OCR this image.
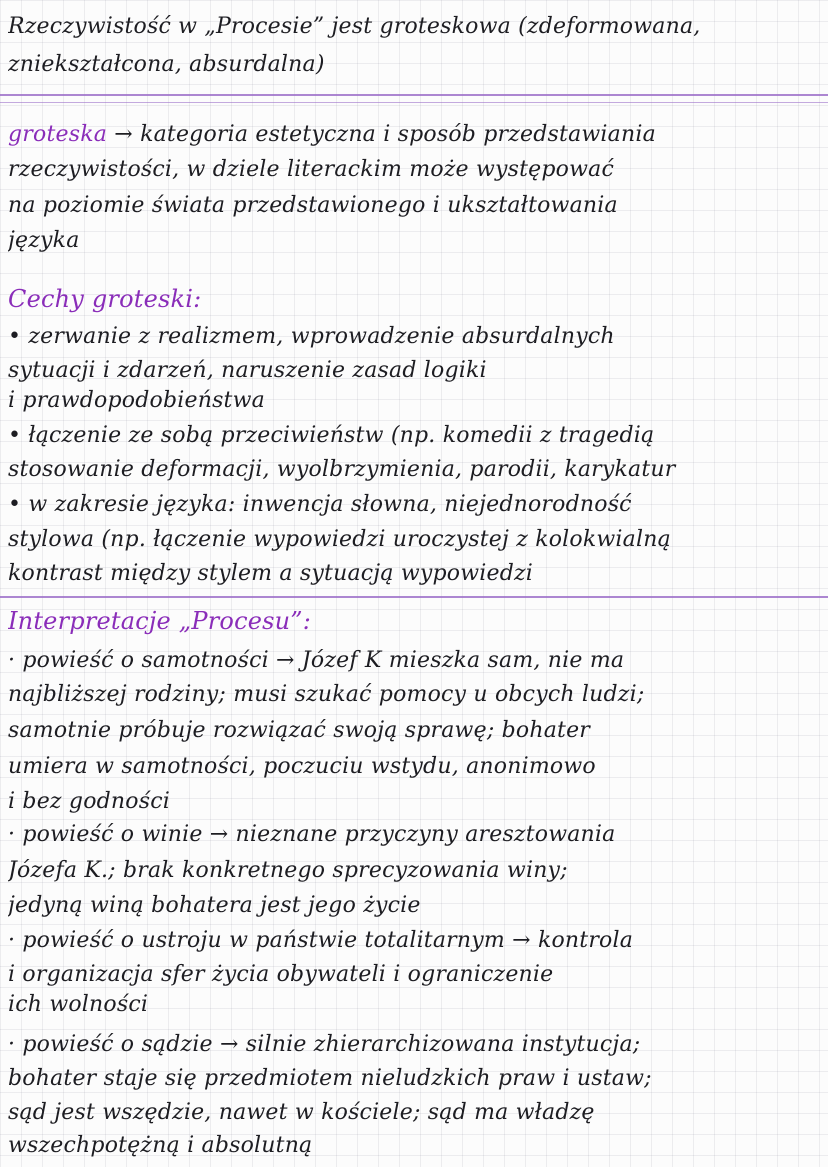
Rzeczywistość w „Procesie” jest groteskowa (zdeformowana,
zniekształcona, absurdalna)
groteska → kategoria estetyczna i sposób przedstawiania
rzeczywistości, w dziele literackim może występować
na poziomie świata przedstawionego i ukształtowania
języka
Cechy groteski:
• zerwanie z realizmem, wprowadzenie absurdalnych
sytuacji i zdarzeń, naruszenie zasad logiki
i prawdopodobieństwa
• łączenie ze sobą przeciwieństw (np. komedii z tragedią
stosowanie deformacji, wyolbrzymienia, parodii, karykatur
• w zakresie języka: inwencja słowna, niejednorodność
stylowa (np. łączenie wypowiedzi uroczystej z kolokwialną
kontrast między stylem a sytuacją wypowiedzi
Interpretacje „Procesu”:
· powieść o samotności → Józef K mieszka sam, nie ma
najbliższej rodziny; musi szukać pomocy u obcych ludzi;
samotnie próbuje rozwiązać swoją sprawę; bohater
umiera w samotności, poczuciu wstydu, anonimowo
i bez godności
· powieść o winie → nieznane przyczyny aresztowania
Józefa K.; brak konkretnego sprecyzowania winy;
jedyną winą bohatera jest jego życie
· powieść o ustroju w państwie totalitarnym → kontrola
i organizacja sfer życia obywateli i ograniczenie
ich wolności
· powieść o sądzie → silnie zhierarchizowana instytucja;
bohater staje się przedmiotem nieludzkich praw i ustaw;
sąd jest wszędzie, nawet w kościele; sąd ma władzę
wszechpotężną i absolutną
